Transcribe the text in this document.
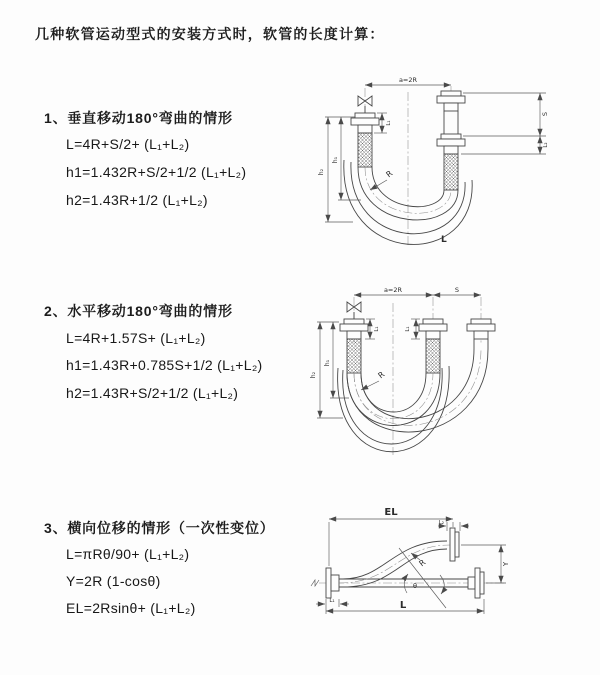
几种软管运动型式的安装方式时，软管的长度计算：
1、垂直移动180°弯曲的情形
L=4R+S/2+ (L₁+L₂)
h1=1.432R+S/2+1/2 (L₁+L₂)
h2=1.43R+1/2 (L₁+L₂)
2、水平移动180°弯曲的情形
L=4R+1.57S+ (L₁+L₂)
h1=1.43R+0.785S+1/2 (L₁+L₂)
h2=1.43R+S/2+1/2 (L₁+L₂)
3、横向位移的情形（一次性变位）
L=πRθ/90+ (L₁+L₂)
Y=2R (1-cosθ)
EL=2Rsinθ+ (L₁+L₂)
a=2R
h₂
h₁
L₁
S
L₂
R
L
a=2R	S
h₂
h₁
L₁	L₁
R
EL
L₂
Y
L
L₁
R
θ
